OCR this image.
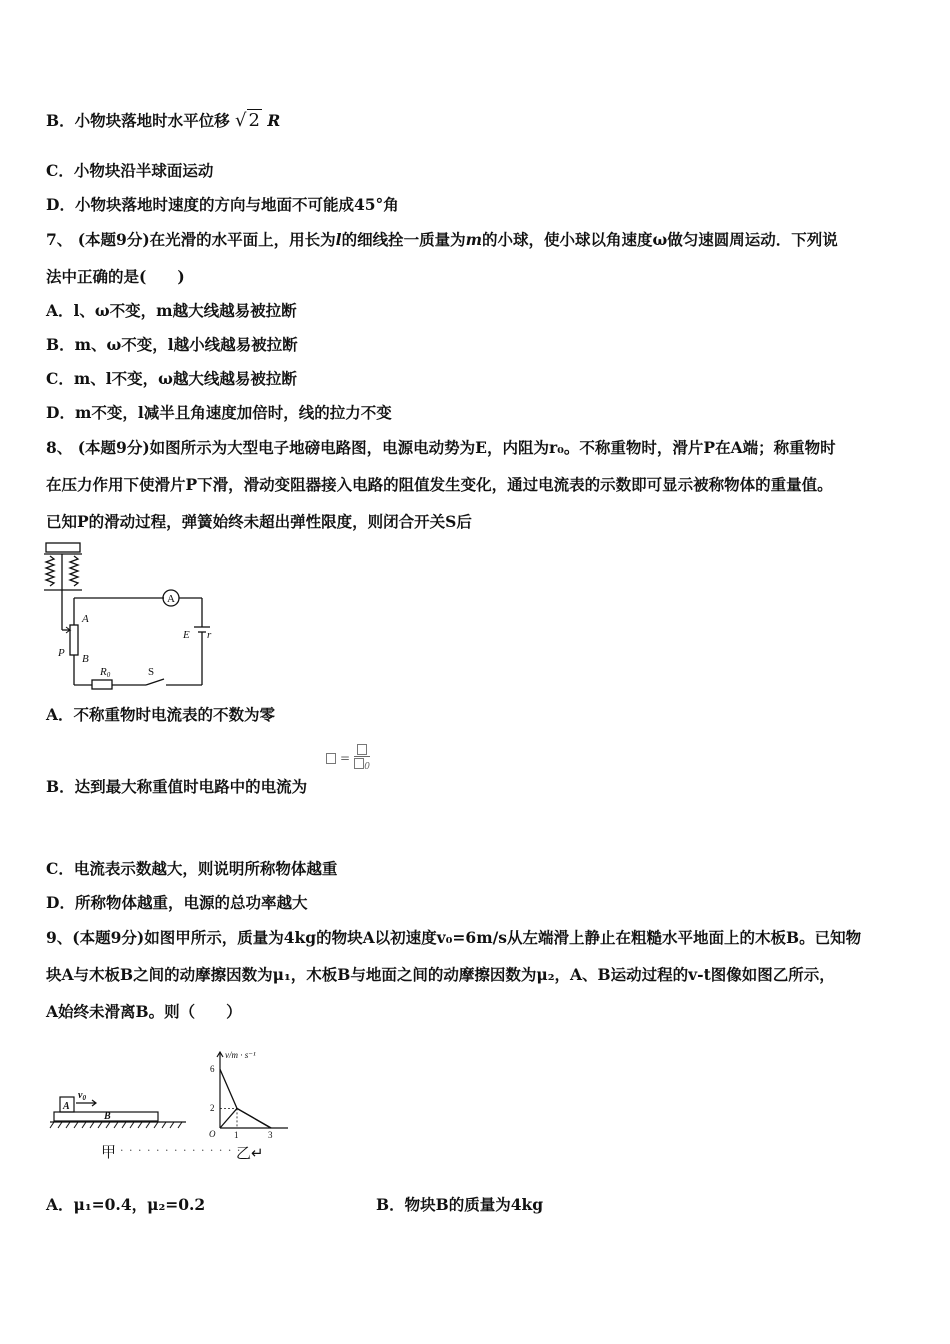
B．小物块落地时水平位移 √ 2 R
C．小物块沿半球面运动
D．小物块落地时速度的方向与地面不可能成45°角
7、 (本题9分)在光滑的水平面上，用长为l的细线拴一质量为m的小球，使小球以角速度ω做匀速圆周运动．下列说
法中正确的是(　　)
A．l、ω不变，m越大线越易被拉断
B．m、ω不变，l越小线越易被拉断
C．m、l不变，ω越大线越易被拉断
D．m不变，l减半且角速度加倍时，线的拉力不变
8、 (本题9分)如图所示为大型电子地磅电路图，电源电动势为E，内阻为r₀。不称重物时，滑片P在A端；称重物时
在压力作用下使滑片P下滑，滑动变阻器接入电路的阻值发生变化，通过电流表的示数即可显示被称物体的重量值。
已知P的滑动过程，弹簧始终未超出弹性限度，则闭合开关S后
A
A
P B
E r
R0	S
A．不称重物时电流表的不数为零
=
0
B．达到最大称重值时电路中的电流为
C．电流表示数越大，则说明所称物体越重
D．所称物体越重，电源的总功率越大
9、(本题9分)如图甲所示，质量为4kg的物块A以初速度v₀=6m/s从左端滑上静止在粗糙水平地面上的木板B。已知物
块A与木板B之间的动摩擦因数为μ₁，木板B与地面之间的动摩擦因数为μ₂，A、B运动过程的v-t图像如图乙所示，
A始终未滑离B。则（　　）
A
B
$v_0$
甲 · · · · · · · · · · · · · ·
v/m · s⁻¹
6
2
O 1	3
乙↵
A．μ₁=0.4，μ₂=0.2	B．物块B的质量为4kg
